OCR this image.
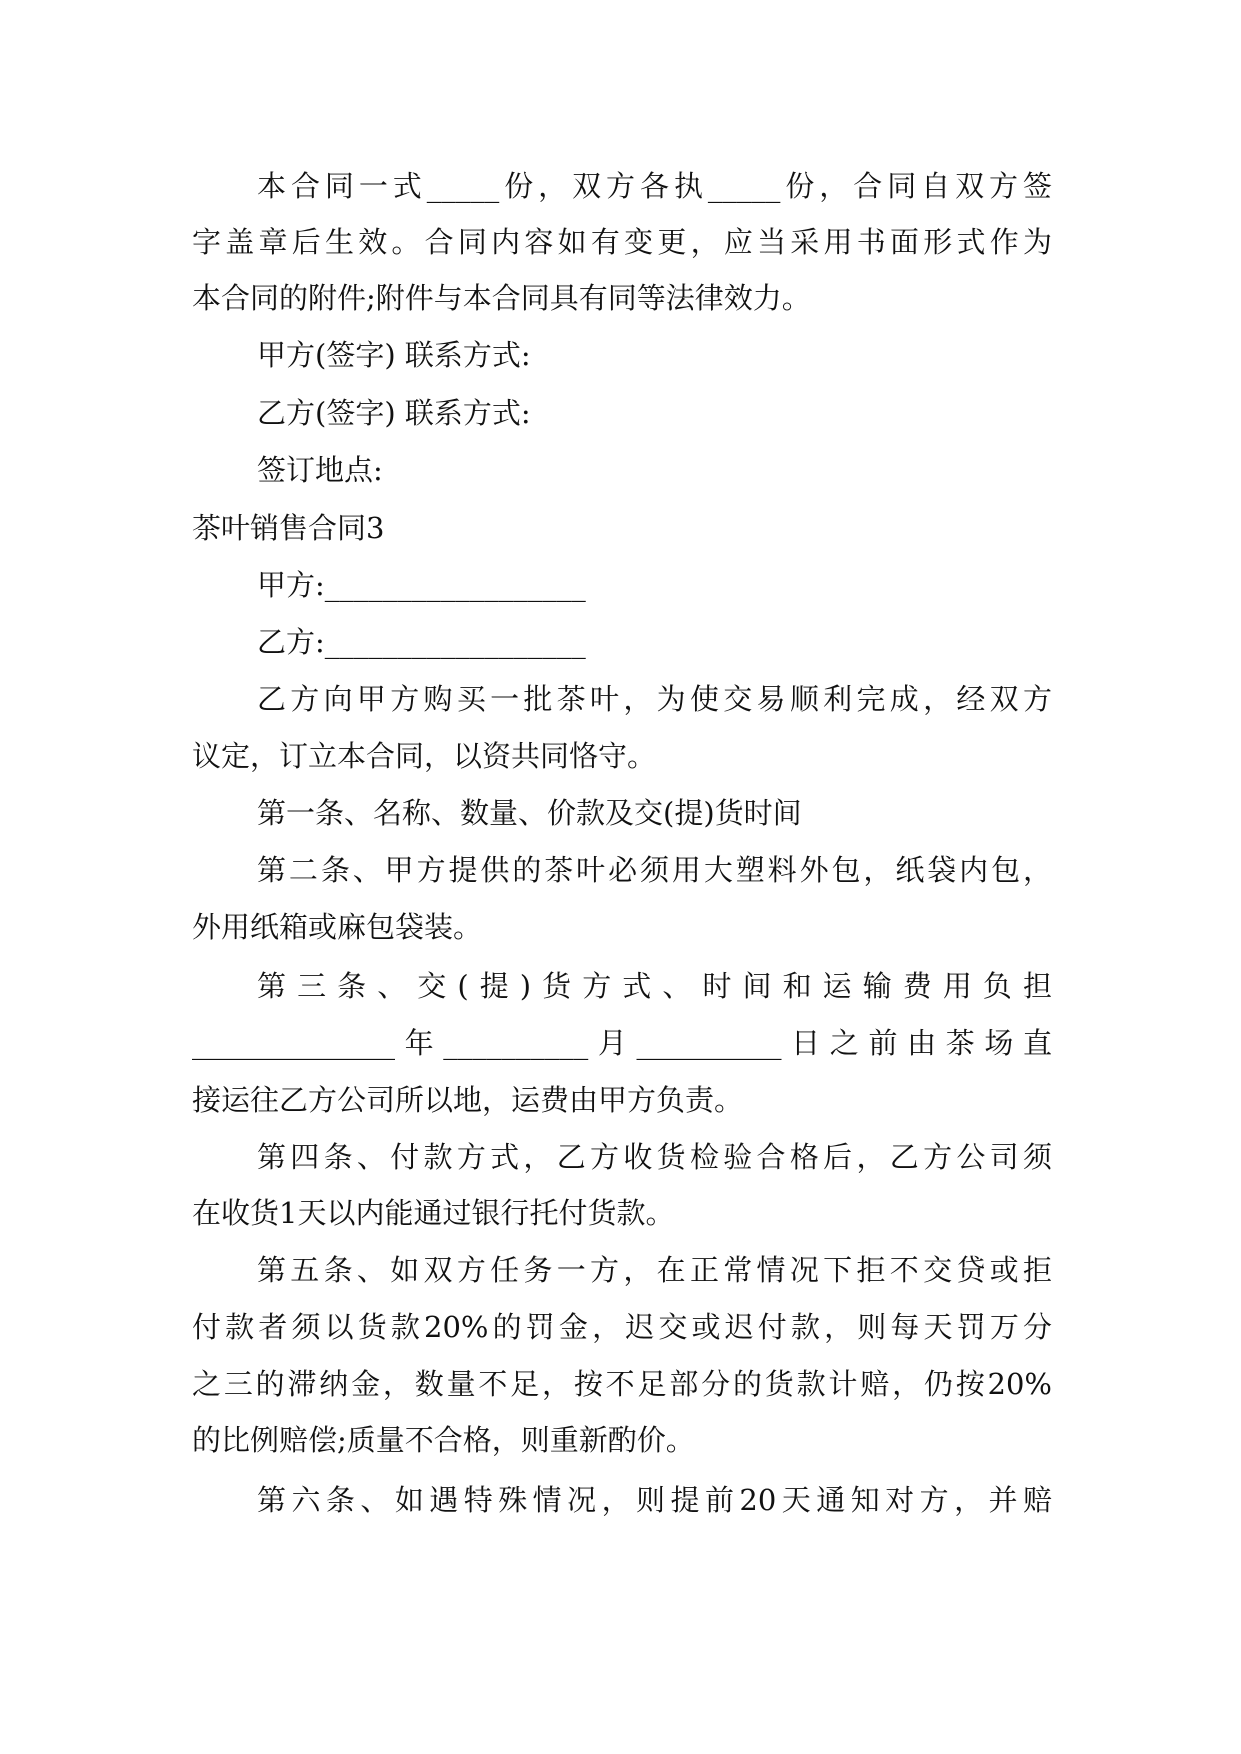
本合同一式_____份，双方各执_____份，合同自双方签
字盖章后生效。合同内容如有变更，应当采用书面形式作为
本合同的附件;附件与本合同具有同等法律效力。
甲方(签字) 联系方式:
乙方(签字) 联系方式:
签订地点:
茶叶销售合同3
甲方:__________________
乙方:__________________
乙方向甲方购买一批茶叶，为使交易顺利完成，经双方
议定，订立本合同，以资共同恪守。
第一条、名称、数量、价款及交(提)货时间
第二条、甲方提供的茶叶必须用大塑料外包，纸袋内包，
外用纸箱或麻包袋装。
第三条、交(提)货方式、时间和运输费用负担
______________年__________月__________日之前由茶场直
接运往乙方公司所以地，运费由甲方负责。
第四条、付款方式，乙方收货检验合格后，乙方公司须
在收货1天以内能通过银行托付货款。
第五条、如双方任务一方，在正常情况下拒不交贷或拒
付款者须以货款20%的罚金，迟交或迟付款，则每天罚万分
之三的滞纳金，数量不足，按不足部分的货款计赔，仍按20%
的比例赔偿;质量不合格，则重新酌价。
第六条、如遇特殊情况，则提前20天通知对方，并赔
